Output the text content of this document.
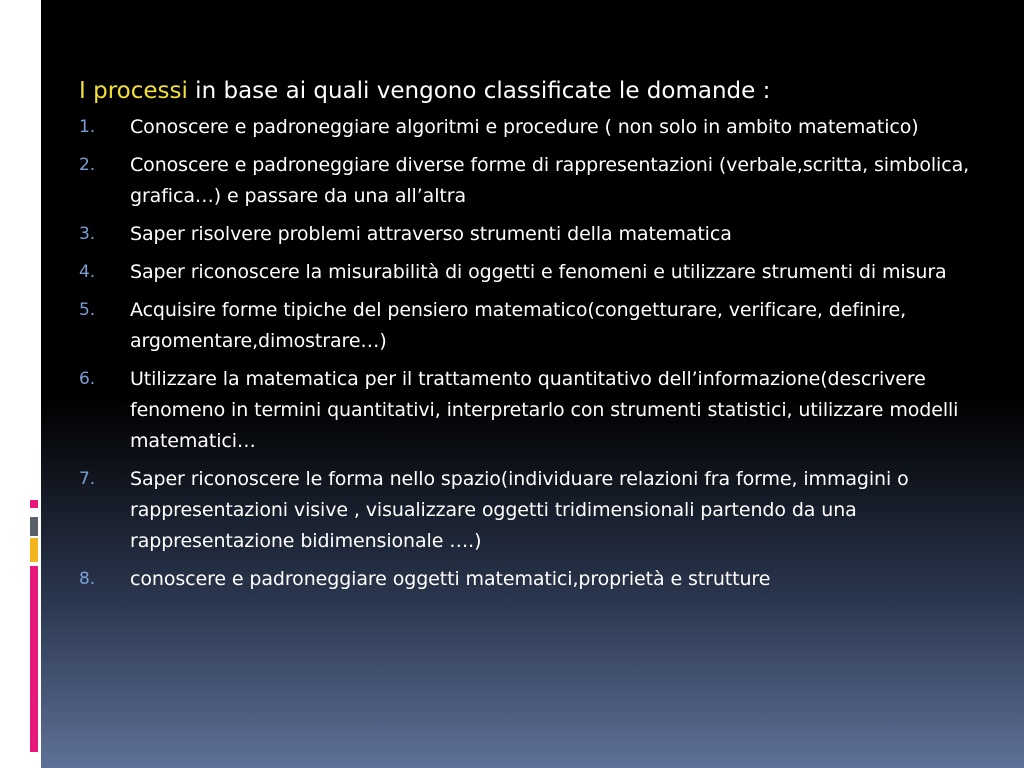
I processi in base ai quali vengono classificate le domande :
1. Conoscere e padroneggiare algoritmi e procedure ( non solo in ambito matematico)
2. Conoscere e padroneggiare diverse forme di rappresentazioni (verbale,scritta, simbolica, grafica…) e passare da una all’altra
3. Saper risolvere problemi attraverso strumenti della matematica
4. Saper riconoscere la misurabilità di oggetti e fenomeni e utilizzare strumenti di misura
5. Acquisire forme tipiche del pensiero matematico(congetturare, verificare, definire, argomentare,dimostrare…)
6. Utilizzare la matematica per il trattamento quantitativo dell’informazione(descrivere fenomeno in termini quantitativi, interpretarlo con strumenti statistici, utilizzare modelli matematici…
7. Saper riconoscere le forma nello spazio(individuare relazioni fra forme, immagini o rappresentazioni visive , visualizzare oggetti tridimensionali partendo da una rappresentazione bidimensionale ….)
8. conoscere e padroneggiare oggetti matematici,proprietà e strutture
